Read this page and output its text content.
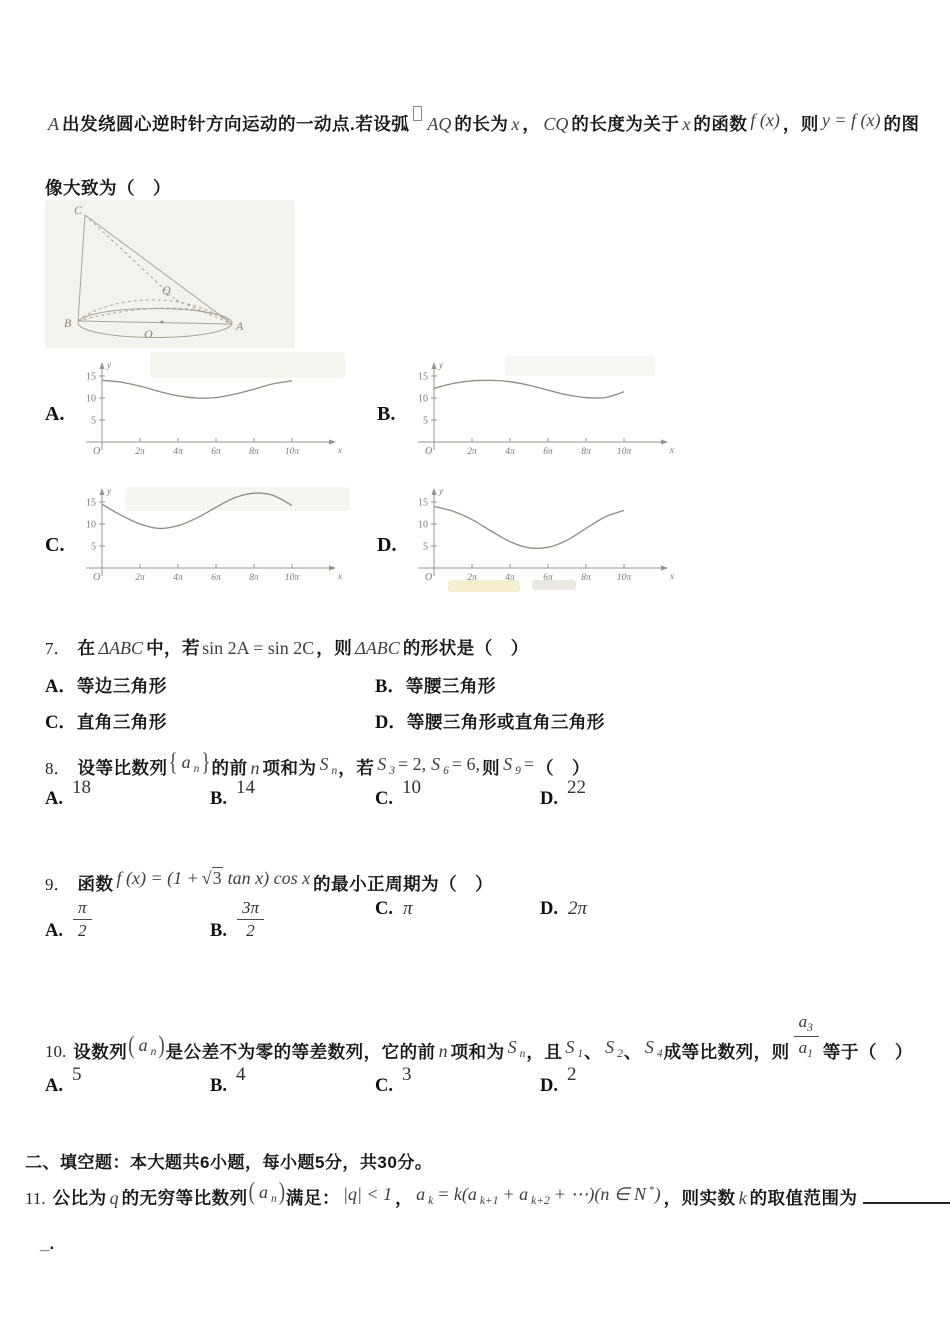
A 出发绕圆心逆时针方向运动的一动点.若设弧 AQ 的长为 x ， CQ 的长度为关于 x 的函数 f (x) ，则 y = f (x) 的图

像大致为（　）

C
B	A
O
Q
A.	5
10
15
2π	4π	6π	8π	10π
O	x
y
B.	5
10
15
2π	4π	6π	8π	10π
O	x
y
C.	5
10
15
2π	4π	6π	8π	10π
O	x
y
D.	5
10
15
2π	4π	6π	8π	10π
O	x
y

7． 在 ΔABC 中，若 sin 2A = sin 2C ，则 ΔABC 的形状是（　）

A．等边三角形	B．等腰三角形

C．直角三角形	D．等腰三角形或直角三角形

8． 设等比数列{ a $_n$ }的前 n 项和为 S $_n$，若 S $_3$ = 2, S $_6$ = 6, 则 S $_9$ = （　）

A.18
B.14
C.10
D.22

9． 函数 f (x) = (1 + √3 tan x) cos x 的最小正周期为（　）

A. $\frac{\pi}{2}$	B. $\frac{3\pi}{2}$	C. π	D. 2π

10. 设数列( a $_n$ )是公差不为零的等差数列，它的前 n 项和为 S $_n$，且 S $_1$、 S $_2$、 S $_4$成等比数列，则 $\frac{a_3}{a_1}$ 等于（　）

A.5
B.4
C.3
D.2

二、填空题：本大题共6小题，每小题5分，共30分。

11. 公比为 q 的无穷等比数列( a $_n$ )满足： |q| < 1 ， a $_k$ = k(a $_{k+1}$ + a $_{k+2}$ + ⋯)(n ∈ N *) ，则实数 k 的取值范围为

_.
